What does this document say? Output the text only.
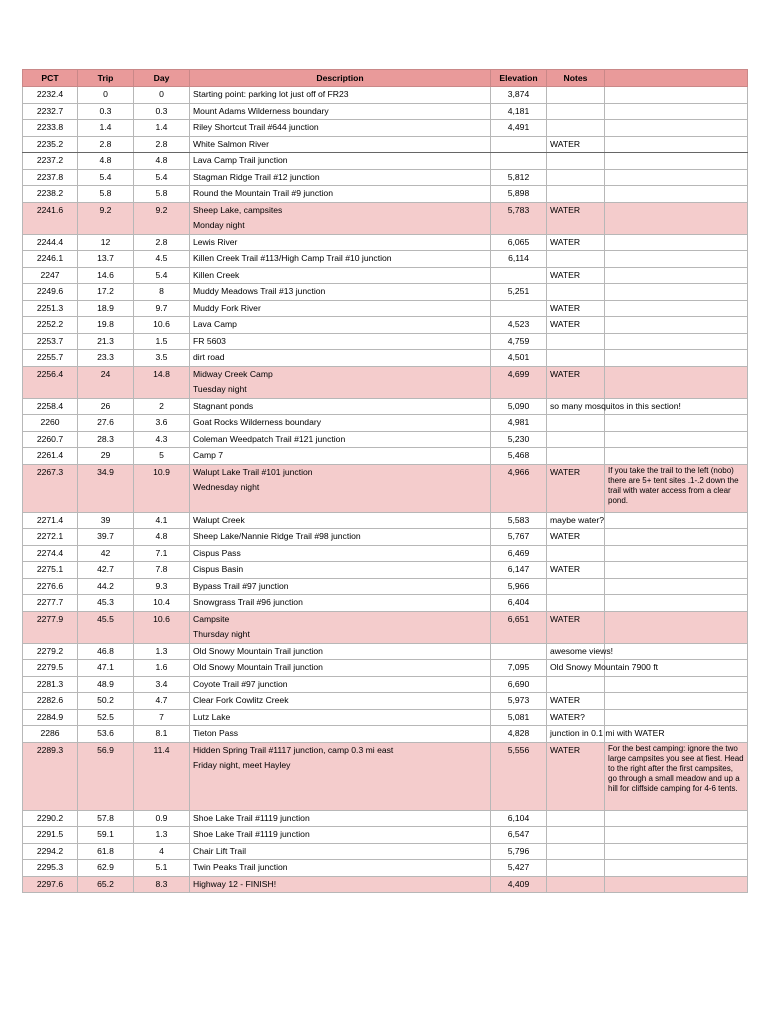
PCT	Trip	Day	Description	Elevation	Notes	
2232.4	0	0	Starting point: parking lot just off of FR23	3,874		
2232.7	0.3	0.3	Mount Adams Wilderness boundary	4,181		
2233.8	1.4	1.4	Riley Shortcut Trail #644 junction	4,491		
2235.2	2.8	2.8	White Salmon River		WATER	
2237.2	4.8	4.8	Lava Camp Trail junction			

2237.8	5.4	5.4	Stagman Ridge Trail #12 junction	5,812		
2238.2	5.8	5.8	Round the Mountain Trail #9 junction	5,898		
2241.6	9.2	9.2	Sheep Lake, campsites
Monday night	5,783	WATER	
2244.4	12	2.8	Lewis River	6,065	WATER	
2246.1	13.7	4.5	Killen Creek Trail #113/High Camp Trail #10 junction	6,114		
2247	14.6	5.4	Killen Creek		WATER	
2249.6	17.2	8	Muddy Meadows Trail #13 junction	5,251		
2251.3	18.9	9.7	Muddy Fork River		WATER	
2252.2	19.8	10.6	Lava Camp	4,523	WATER	
2253.7	21.3	1.5	FR 5603	4,759		
2255.7	23.3	3.5	dirt road	4,501		
2256.4	24	14.8	Midway Creek Camp
Tuesday night	4,699	WATER	
2258.4	26	2	Stagnant ponds	5,090	so many mosquitos in this section!	
2260	27.6	3.6	Goat Rocks Wilderness boundary	4,981		
2260.7	28.3	4.3	Coleman Weedpatch Trail #121 junction	5,230		
2261.4	29	5	Camp 7	5,468		
2267.3	34.9	10.9	Walupt Lake Trail #101 junction
Wednesday night	4,966	WATER	If you take the trail to the left (nobo) there are 5+ tent sites .1-.2 down the trail with water access from a clear pond.
2271.4	39	4.1	Walupt Creek	5,583	maybe water?	
2272.1	39.7	4.8	Sheep Lake/Nannie Ridge Trail #98 junction	5,767	WATER	
2274.4	42	7.1	Cispus Pass	6,469		
2275.1	42.7	7.8	Cispus Basin	6,147	WATER	
2276.6	44.2	9.3	Bypass Trail #97 junction	5,966		
2277.7	45.3	10.4	Snowgrass Trail #96 junction	6,404		
2277.9	45.5	10.6	Campsite
Thursday night	6,651	WATER	
2279.2	46.8	1.3	Old Snowy Mountain Trail junction		awesome views!	
2279.5	47.1	1.6	Old Snowy Mountain Trail junction	7,095	Old Snowy Mountain 7900 ft	
2281.3	48.9	3.4	Coyote Trail #97 junction	6,690		
2282.6	50.2	4.7	Clear Fork Cowlitz Creek	5,973	WATER	
2284.9	52.5	7	Lutz Lake	5,081	WATER?	
2286	53.6	8.1	Tieton Pass	4,828	junction in 0.1 mi with WATER	
2289.3	56.9	11.4	Hidden Spring Trail #1117 junction, camp 0.3 mi east
Friday night, meet Hayley	5,556	WATER	For the best camping: ignore the two large campsites you see at fiest. Head to the right after the first campsites, go through a small meadow and up a hill for cliffside camping for 4-6 tents.
2290.2	57.8	0.9	Shoe Lake Trail #1119 junction	6,104		
2291.5	59.1	1.3	Shoe Lake Trail #1119 junction	6,547		
2294.2	61.8	4	Chair Lift Trail	5,796		
2295.3	62.9	5.1	Twin Peaks Trail junction	5,427		
2297.6	65.2	8.3	Highway 12 - FINISH!	4,409		
